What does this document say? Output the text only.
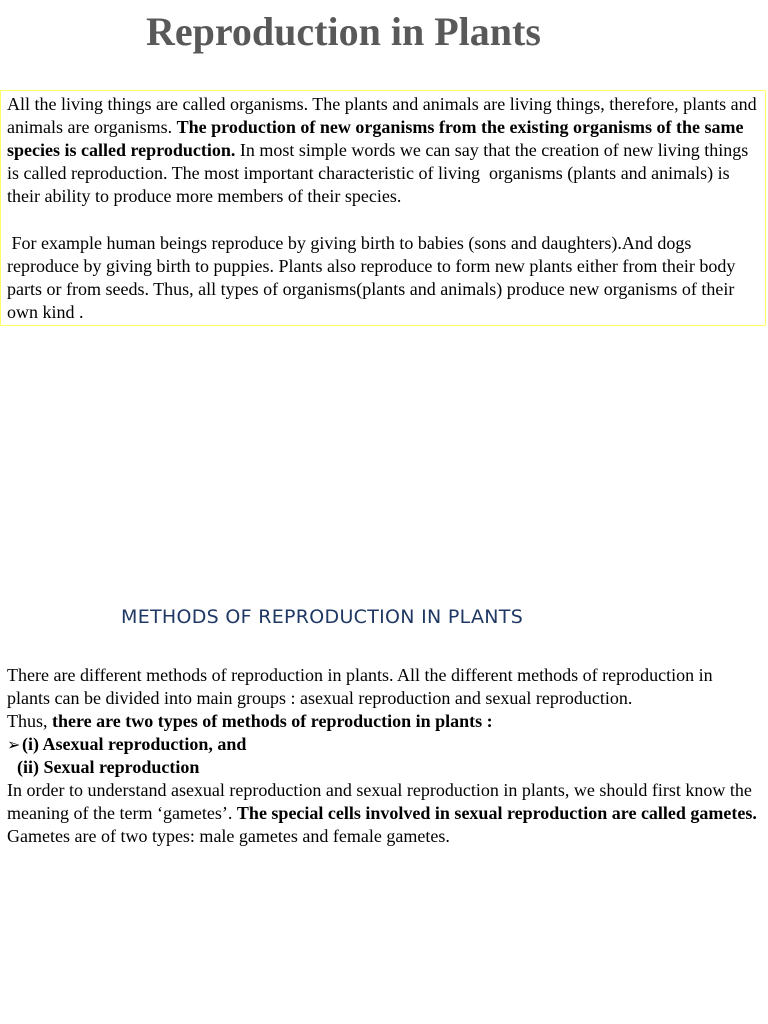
Reproduction in Plants

All the living things are called organisms. The plants and animals are living things, therefore, plants and animals are organisms. The production of new organisms from the existing organisms of the same species is called reproduction. In most simple words we can say that the creation of new living things is called reproduction. The most important characteristic of living  organisms (plants and animals) is their ability to produce more members of their species.

For example human beings reproduce by giving birth to babies (sons and daughters).And dogs reproduce by giving birth to puppies. Plants also reproduce to form new plants either from their body parts or from seeds. Thus, all types of organisms(plants and animals) produce new organisms of their own kind .

METHODS OF REPRODUCTION IN PLANTS

There are different methods of reproduction in plants. All the different methods of reproduction in plants can be divided into main groups : asexual reproduction and sexual reproduction.
Thus, there are two types of methods of reproduction in plants :

➢(i) Asexual reproduction, and
(ii) Sexual reproduction

In order to understand asexual reproduction and sexual reproduction in plants, we should first know the meaning of the term ‘gametes’. The special cells involved in sexual reproduction are called gametes. Gametes are of two types: male gametes and female gametes.
